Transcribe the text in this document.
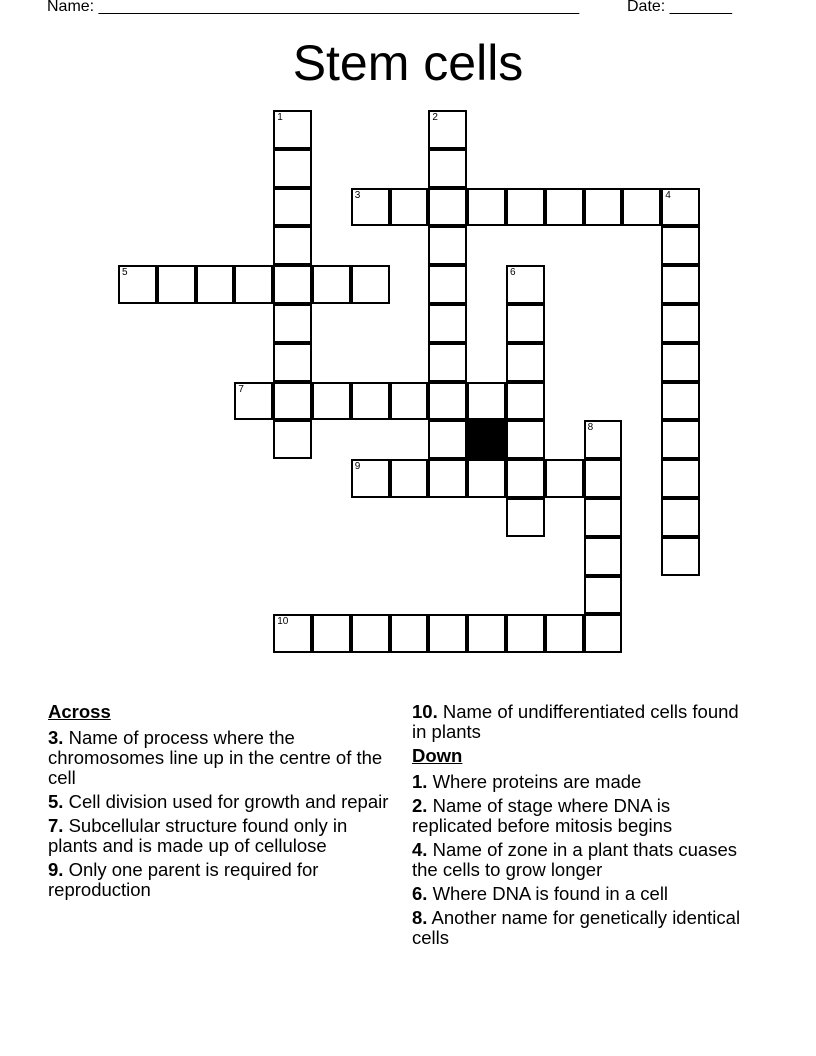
Name: ______________________________________________________	Date: _______
Stem cells
1	2
3	4
5	6
7
8
9
10
Across
3. Name of process where the chromosomes line up in the centre of the cell
5. Cell division used for growth and repair
7. Subcellular structure found only in plants and is made up of cellulose
9. Only one parent is required for reproduction
10. Name of undifferentiated cells found in plants
Down
1. Where proteins are made
2. Name of stage where DNA is replicated before mitosis begins
4. Name of zone in a plant thats cuases the cells to grow longer
6. Where DNA is found in a cell
8. Another name for genetically identical cells
